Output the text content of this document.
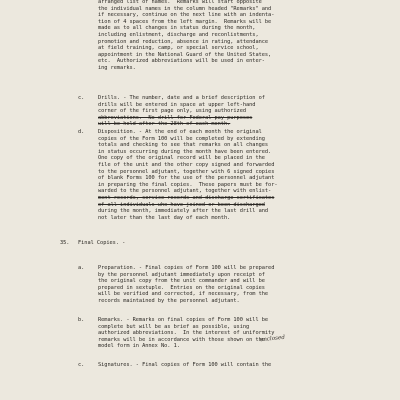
arranged list of names.  Remarks will start opposite
the individual names in the column headed "Remarks" and
if necessary, continue on the next line with an indenta-
tion of 4 spaces from the left margin.  Remarks will be
made as to all changes in status during the month,
including enlistment, discharge and reconlistments,
promotion and reduction, absence in rating, attendance
at field training, camp, or special service school,
appointment in the National Guard of the United States,
etc.  Authorized abbreviations will be used in enter-
ing remarks.
c.	Drills. - The number, date and a brief description of
drills will be entered in space at upper left-hand
corner of the first page only, using authorized
abbreviations.  No drill for Federal pay purposes
will be held after the 28th of each month.
d.	Disposition. - At the end of each month the original
copies of the Form 100 will be completed by extending
totals and checking to see that remarks on all changes
in status occurring during the month have been entered.
One copy of the original record will be placed in the
file of the unit and the other copy signed and forwarded
to the personnel adjutant, together with 6 signed copies
of blank Forms 100 for the use of the personnel adjutant
in preparing the final copies.  These papers must be for-
warded to the personnel adjutant, together with enlist-
ment records, service records and discharge certificates
of all individuals who have joined or been discharged
during the month, immediately after the last drill and
not later than the last day of each month.
35. Final Copies. -
a.	Preparation. - Final copies of Form 100 will be prepared
by the personnel adjutant immediately upon receipt of
the original copy from the unit commander and will be
prepared in sextuple.  Entries on the original copies
will be verified and corrected, if necessary, from the
records maintained by the personnel adjutant.
b.	Remarks. - Remarks on final copies of Form 100 will be
complete but will be as brief as possible, using
authorized abbreviations.  In the interest of uniformity
remarks will be in accordance with those shown on the
model form in Annex No. 1.
enclosed
c.	Signatures. - Final copies of Form 100 will contain the
